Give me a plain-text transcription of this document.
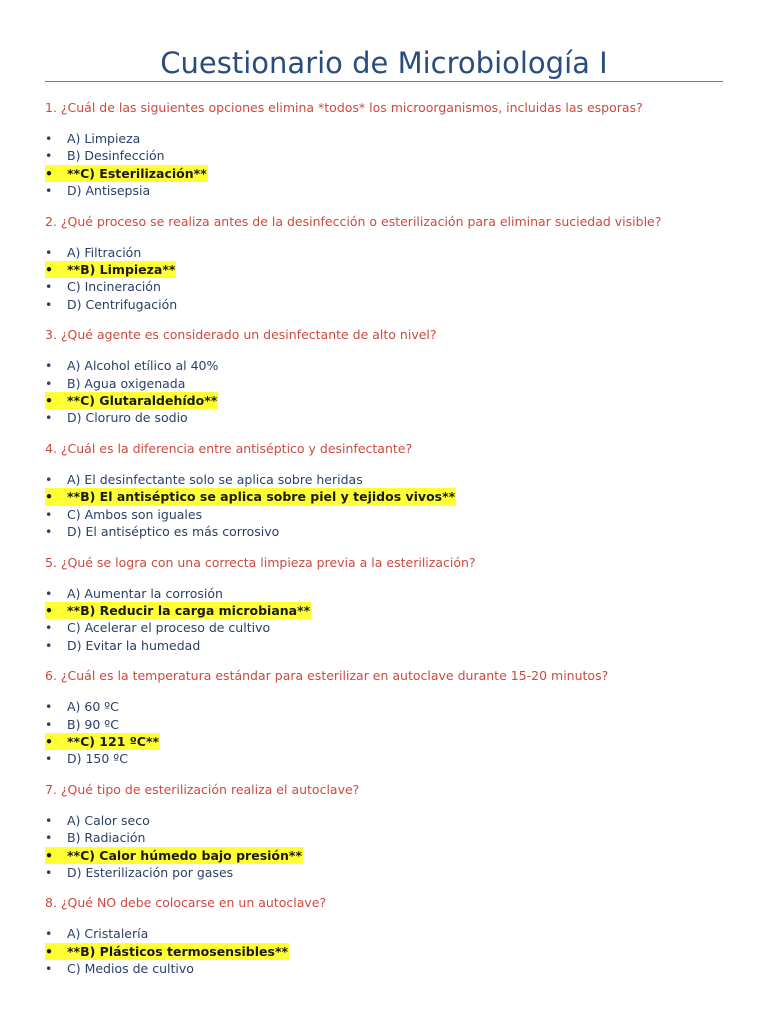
Cuestionario de Microbiología I

1. ¿Cuál de las siguientes opciones elimina *todos* los microorganismos, incluidas las esporas?

• A) Limpieza
• B) Desinfección
• **C) Esterilización**
• D) Antisepsia

2. ¿Qué proceso se realiza antes de la desinfección o esterilización para eliminar suciedad visible?

• A) Filtración
• **B) Limpieza**
• C) Incineración
• D) Centrifugación

3. ¿Qué agente es considerado un desinfectante de alto nivel?

• A) Alcohol etílico al 40%
• B) Agua oxigenada
• **C) Glutaraldehído**
• D) Cloruro de sodio

4. ¿Cuál es la diferencia entre antiséptico y desinfectante?

• A) El desinfectante solo se aplica sobre heridas
• **B) El antiséptico se aplica sobre piel y tejidos vivos**
• C) Ambos son iguales
• D) El antiséptico es más corrosivo

5. ¿Qué se logra con una correcta limpieza previa a la esterilización?

• A) Aumentar la corrosión
• **B) Reducir la carga microbiana**
• C) Acelerar el proceso de cultivo
• D) Evitar la humedad

6. ¿Cuál es la temperatura estándar para esterilizar en autoclave durante 15-20 minutos?

• A) 60 ºC
• B) 90 ºC
• **C) 121 ºC**
• D) 150 ºC

7. ¿Qué tipo de esterilización realiza el autoclave?

• A) Calor seco
• B) Radiación
• **C) Calor húmedo bajo presión**
• D) Esterilización por gases

8. ¿Qué NO debe colocarse en un autoclave?

• A) Cristalería
• **B) Plásticos termosensibles**
• C) Medios de cultivo
